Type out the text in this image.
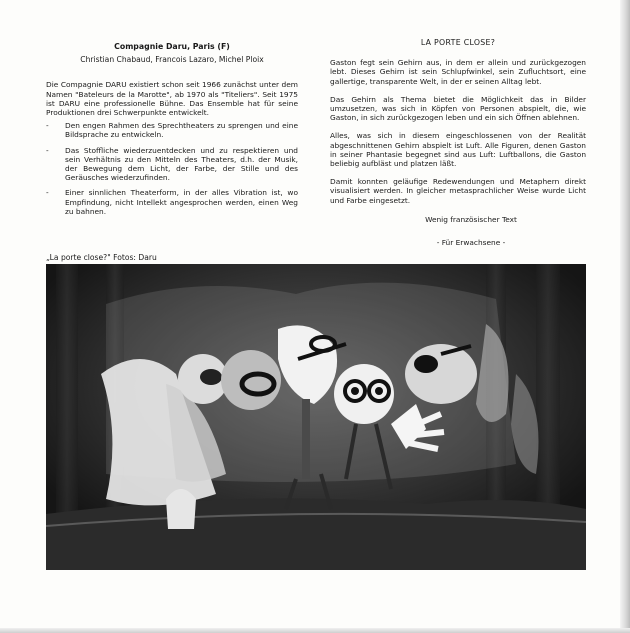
Compagnie Daru, Paris (F)

Christian Chabaud, Francois Lazaro, Michel Ploix

Die Compagnie DARU existiert schon seit 1966 zunächst unter dem Namen "Bateleurs de la Marotte", ab 1970 als "Titeliers". Seit 1975 ist DARU eine professionelle Bühne. Das Ensemble hat für seine Produktionen drei Schwerpunkte entwickelt.

- Den engen Rahmen des Sprechtheaters zu sprengen und eine Bildsprache zu entwickeln.
- Das Stoffliche wiederzuentdecken und zu respektieren und sein Verhältnis zu den Mitteln des Theaters, d.h. der Musik, der Bewegung dem Licht, der Farbe, der Stille und des Geräusches wiederzufinden.
- Einer sinnlichen Theaterform, in der alles Vibration ist, wo Empfindung, nicht Intellekt angesprochen werden, einen Weg zu bahnen.

LA PORTE CLOSE?

Gaston fegt sein Gehirn aus, in dem er allein und zurückgezogen lebt. Dieses Gehirn ist sein Schlupfwinkel, sein Zufluchtsort, eine gallertige, transparente Welt, in der er seinen Alltag lebt.

Das Gehirn als Thema bietet die Möglichkeit das in Bilder umzusetzen, was sich in Köpfen von Personen abspielt, die, wie Gaston, in sich zurückgezogen leben und ein sich Öffnen ablehnen.

Alles, was sich in diesem eingeschlossenen von der Realität abgeschnittenen Gehirn abspielt ist Luft. Alle Figuren, denen Gaston in seiner Phantasie begegnet sind aus Luft: Luftballons, die Gaston beliebig aufbläst und platzen läßt.

Damit konnten geläufige Redewendungen und Metaphern direkt visualisiert werden. In gleicher metasprachlicher Weise wurde Licht und Farbe eingesetzt.

Wenig französischer Text

- Für Erwachsene -

„La porte close?" Fotos: Daru
